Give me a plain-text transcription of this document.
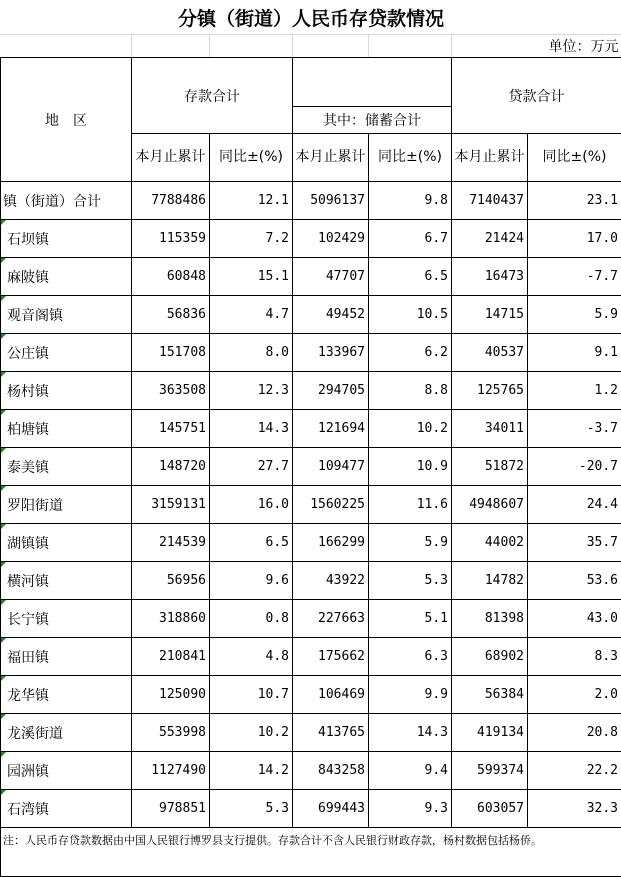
分镇（街道）人民币存贷款情况						
					单位：万元	
地　区	存款合计				贷款合计	
			其中：储蓄合计			
	本月止累计	同比±(%)	本月止累计	同比±(%)	本月止累计	同比±(%)
镇（街道）合计	7788486	12.1	5096137	9.8	7140437	23.1

石坝镇	115359	7.2	102429	6.7	21424	17.0

麻陂镇	60848	15.1	47707	6.5	16473	-7.7

观音阁镇	56836	4.7	49452	10.5	14715	5.9

公庄镇	151708	8.0	133967	6.2	40537	9.1

杨村镇	363508	12.3	294705	8.8	125765	1.2

柏塘镇	145751	14.3	121694	10.2	34011	-3.7

泰美镇	148720	27.7	109477	10.9	51872	-20.7

罗阳街道	3159131	16.0	1560225	11.6	4948607	24.4

湖镇镇	214539	6.5	166299	5.9	44002	35.7

横河镇	56956	9.6	43922	5.3	14782	53.6

长宁镇	318860	0.8	227663	5.1	81398	43.0

福田镇	210841	4.8	175662	6.3	68902	8.3

龙华镇	125090	10.7	106469	9.9	56384	2.0

龙溪街道	553998	10.2	413765	14.3	419134	20.8

园洲镇	1127490	14.2	843258	9.4	599374	22.2

石湾镇	978851	5.3	699443	9.3	603057	32.3
注：人民币存贷款数据由中国人民银行博罗县支行提供。存款合计不含人民银行财政存款，杨村数据包括杨侨。						
